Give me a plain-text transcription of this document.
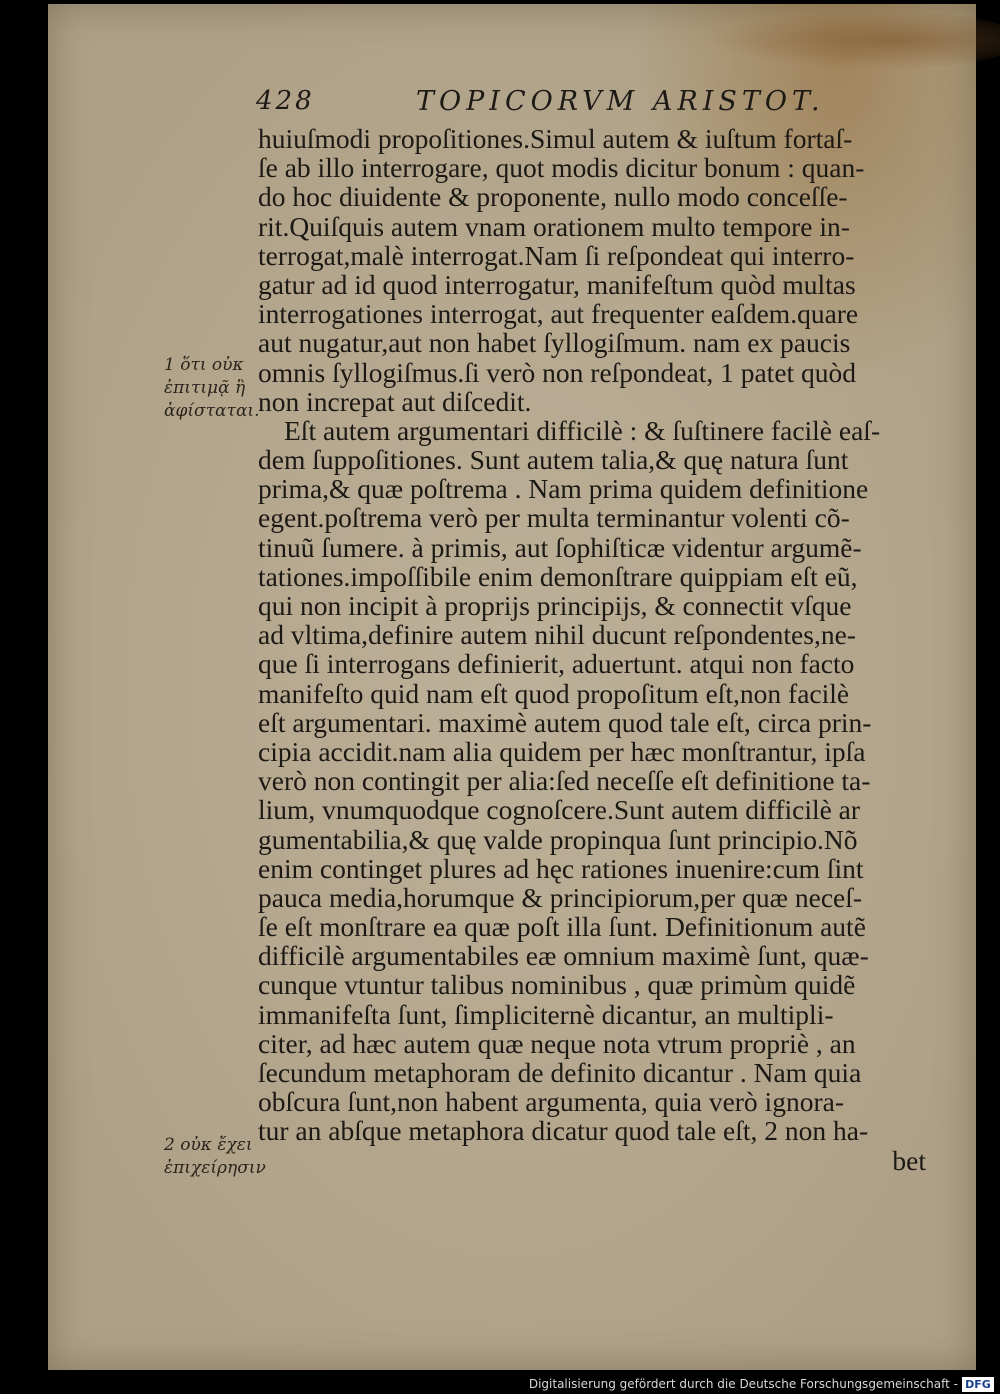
428	TOPICORVM ARISTOT.
huiuſmodi propoſitiones.Simul autem & iuſtum fortaſ-
ſe ab illo interrogare, quot modis dicitur bonum : quan-
do hoc diuidente & proponente, nullo modo conceſſe-
rit.Quiſquis autem vnam orationem multo tempore in-
terrogat,malè interrogat.Nam ſi reſpondeat qui interro-
gatur ad id quod interrogatur, manifeſtum quòd multas
interrogationes interrogat, aut frequenter eaſdem.quare
aut nugatur,aut non habet ſyllogiſmum. nam ex paucis
omnis ſyllogiſmus.ſi verò non reſpondeat, 1 patet quòd
non increpat aut diſcedit.
Eſt autem argumentari difficilè : & ſuſtinere facilè eaſ-
dem ſuppoſitiones. Sunt autem talia,& quę natura ſunt
prima,& quæ poſtrema . Nam prima quidem definitione
egent.poſtrema verò per multa terminantur volenti cõ-
tinuũ ſumere. à primis, aut ſophiſticæ videntur argumẽ-
tationes.impoſſibile enim demonſtrare quippiam eſt eũ,
qui non incipit à proprijs principijs, & connectit vſque
ad vltima,definire autem nihil ducunt reſpondentes,ne-
que ſi interrogans definierit, aduertunt. atqui non facto
manifeſto quid nam eſt quod propoſitum eſt,non facilè
eſt argumentari. maximè autem quod tale eſt, circa prin-
cipia accidit.nam alia quidem per hæc monſtrantur, ipſa
verò non contingit per alia:ſed neceſſe eſt definitione ta-
lium, vnumquodque cognoſcere.Sunt autem difficilè ar
gumentabilia,& quę valde propinqua ſunt principio.Nõ
enim continget plures ad hęc rationes inuenire:cum ſint
pauca media,horumque & principiorum,per quæ neceſ-
ſe eſt monſtrare ea quæ poſt illa ſunt. Definitionum autẽ
difficilè argumentabiles eæ omnium maximè ſunt, quæ-
cunque vtuntur talibus nominibus , quæ primùm quidẽ
immanifeſta ſunt, ſimpliciternè dicantur, an multipli-
citer, ad hæc autem quæ neque nota vtrum propriè , an
ſecundum metaphoram de definito dicantur . Nam quia
obſcura ſunt,non habent argumenta, quia verò ignora-
tur an abſque metaphora dicatur quod tale eſt, 2 non ha-
bet
1 ὅτι οὐκ
ἐπιτιμᾷ ἢ
ἀφίσταται.
2 οὐκ ἔχει
ἐπιχείρησιν
Digitalisierung gefördert durch die Deutsche Forschungsgemeinschaft - DFG
